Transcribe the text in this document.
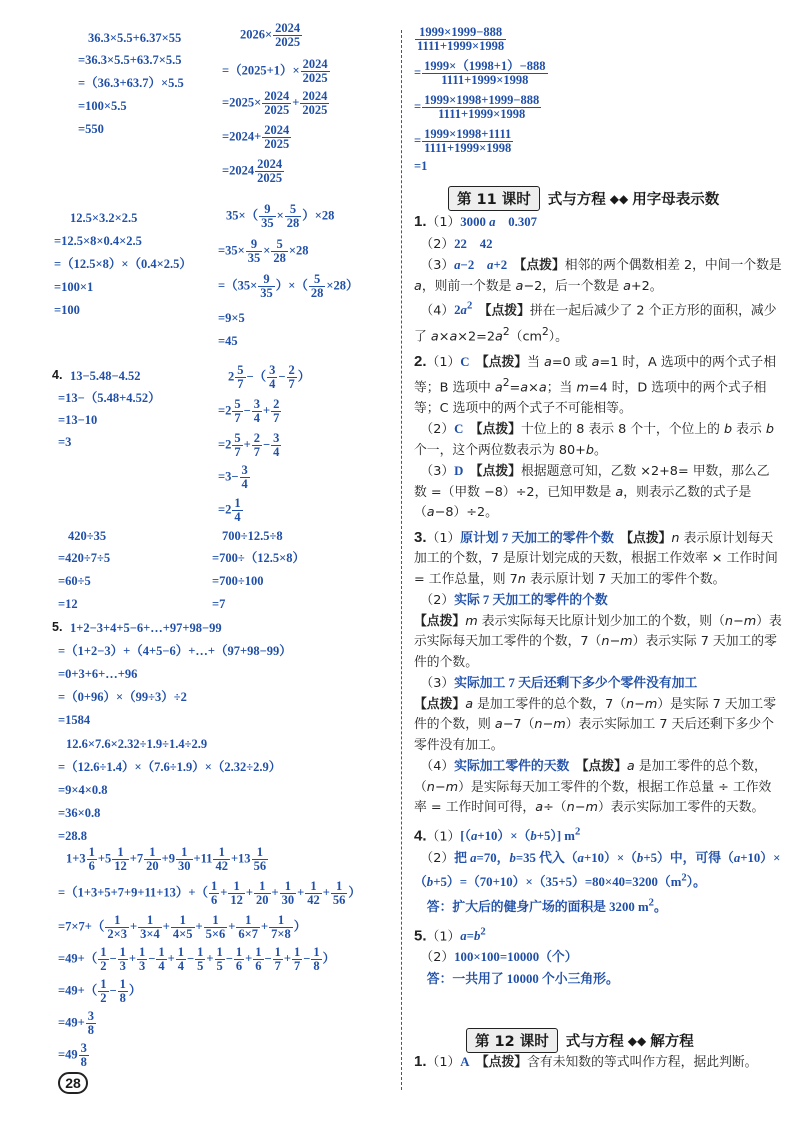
36.3×5.5+6.37×55
=36.3×5.5+63.7×5.5
=（36.3+63.7）×5.5
=100×5.5
=550
$2026\times \frac{2024}{2025}$
$=(2025+1)\times \frac{2024}{2025}$
$=2025\times \frac{2024}{2025} + \frac{2024}{2025}$
$=2024+ \frac{2024}{2025}$
$=2024 \frac{2024}{2025}$
12.5×3.2×2.5
=12.5×8×0.4×2.5
=（12.5×8）×（0.4×2.5）
=100×1
=100
$35\times( \frac{9}{35} \times \frac{5}{28} )\times 28$
$=35\times \frac{9}{35} \times \frac{5}{28} \times 28$
$=(35\times \frac{9}{35}$ ）×（ $\frac{5}{28} \times 28$）
=9×5
=45
4. 13−5.48−4.52
=13−（5.48+4.52）
=13−10
=3
$2 \frac{5}{7}$ −（ $\frac{3}{4} - \frac{2}{7}$ ）
$=2 \frac{5}{7} - \frac{3}{4} + \frac{2}{7}$
$=2 \frac{5}{7} + \frac{2}{7} - \frac{3}{4}$
$=3- \frac{3}{4}$
$=2 \frac{1}{4}$
420÷35
=420÷7÷5
=60÷5
=12
700÷12.5÷8
=700÷（12.5×8）
=700÷100
=7
5. 1+2−3+4+5−6+…+97+98−99
=（1+2−3）+（4+5−6）+…+（97+98−99）
=0+3+6+…+96
=（0+96）×（99÷3）÷2
=1584
12.6×7.6×2.32÷1.9÷1.4÷2.9
=（12.6÷1.4）×（7.6÷1.9）×（2.32÷2.9）
=9×4×0.8
=36×0.8
=28.8
$1+3 \frac{1}{6} +5 \frac{1}{12} +7 \frac{1}{20} +9 \frac{1}{30} +11 \frac{1}{42} +13 \frac{1}{56}$
$=(1+3+5+7+9+11+13)+( \frac{1}{6} + \frac{1}{12} + \frac{1}{20} + \frac{1}{30} + \frac{1}{42} + \frac{1}{56}$ ）
$=7\times 7+( \frac{1}{2\times 3} + \frac{1}{3\times 4} + \frac{1}{4\times 5} + \frac{1}{5\times 6} + \frac{1}{6\times 7} + \frac{1}{7\times 8}$ ）
$=49+( \frac{1}{2} - \frac{1}{3} + \frac{1}{3} - \frac{1}{4} + \frac{1}{4} - \frac{1}{5} + \frac{1}{5} - \frac{1}{6} + \frac{1}{6} - \frac{1}{7} + \frac{1}{7} - \frac{1}{8}$ ）
$=49+( \frac{1}{2} - \frac{1}{8}$ ）
$=49+ \frac{3}{8}$
$=49 \frac{3}{8}$
28
$\frac{1999\times 1999-888}{1111+1999\times 1998}$
= $\frac{1999\times(1998+1)-888}{1111+1999\times 1998}$
= $\frac{1999\times 1998+1999-888}{1111+1999\times 1998}$
= $\frac{1999\times 1998+1111}{1111+1999\times 1998}$
=1
第 11 课时	式与方程 ◆◆ 用字母表示数
1.（1）3000 a　0.307
　（2）22　42
　（3）a−2　a+2　 【点拨】相邻的两个偶数相差 2，中间一个数是 a，则前一个数是 a−2，后一个数是 a+2。
　$(4)2a^2$　 【点拨】拼在一起后减少了 2 个正方形的面积，减少了 $a\times a\times 2=2a^2(cm^2)$。
2.（1）C　 【点拨】当 a=0 或 a=1 时，A 选项中的两个式子相等；B 选项中 $a^2=a\times a$；当 m=4 时，D 选项中的两个式子相等；C 选项中的两个式子不可能相等。
　（2）C　 【点拨】十位上的 8 表示 8 个十，个位上的 b 表示 b 个一，这个两位数表示为 80+b。
　（3）D　 【点拨】根据题意可知，乙数 ×2+8= 甲数，那么乙数 =（甲数 −8）÷2，已知甲数是 a，则表示乙数的式子是（a−8）÷2。
3.（1）原计划 7 天加工的零件个数　 【点拨】n 表示原计划每天加工的个数，7 是原计划完成的天数，根据工作效率 × 工作时间 = 工作总量，则 7n 表示原计划 7 天加工的零件个数。
　（2）实际 7 天加工的零件的个数
【点拨】m 表示实际每天比原计划少加工的个数，则（n−m）表示实际每天加工零件的个数，7（n−m）表示实际 7 天加工的零件的个数。
　（3）实际加工 7 天后还剩下多少个零件没有加工
【点拨】a 是加工零件的总个数，7（n−m）是实际 7 天加工零件的个数，则 a−7（n−m）表示实际加工 7 天后还剩下多少个零件没有加工。
　（4）实际加工零件的天数　 【点拨】a 是加工零件的总个数，（n−m）是实际每天加工零件的个数，根据工作总量 ÷ 工作效率 = 工作时间可得，a÷（n−m）表示实际加工零件的天数。
4.（1）[（a+10）×（b+5）] $m^2$
　（2）把 a=70，b=35 代入（a+10）×（b+5）中，可得$(a+10)\times(b+5)=(70+10)\times(35+5)=80\times 40=3200(m^2)$。
　答：扩大后的健身广场的面积是 3200 $m^2$。
$5.(1)a=b^2$
　（2）100×100=10000（个）
　答：一共用了 10000 个小三角形。
第 12 课时	式与方程 ◆◆ 解方程
1.（1）A　 【点拨】含有未知数的等式叫作方程，据此判断。
